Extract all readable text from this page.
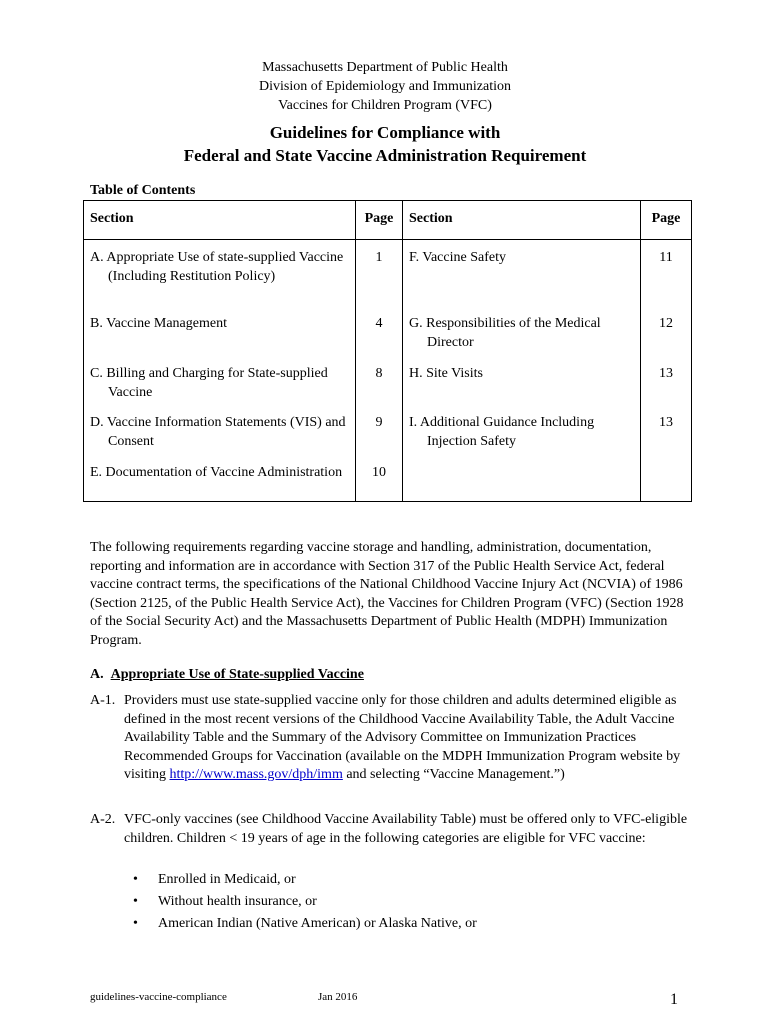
Massachusetts Department of Public Health
Division of Epidemiology and Immunization
Vaccines for Children Program (VFC)
Guidelines for Compliance with
Federal and State Vaccine Administration Requirement
Table of Contents
Section	Page	Section	Page

A. Appropriate Use of state-supplied Vaccine (Including Restitution Policy)	1	F. Vaccine Safety	11

B. Vaccine Management	4	G. Responsibilities of the Medical Director	12

C. Billing and Charging for State-supplied Vaccine	8	H. Site Visits	13

D. Vaccine Information Statements (VIS) and Consent	9	I. Additional Guidance Including Injection Safety	13

E. Documentation of Vaccine Administration	10	

The following requirements regarding vaccine storage and handling, administration, documentation, reporting and information are in accordance with Section 317 of the Public Health Service Act, federal vaccine contract terms, the specifications of the National Childhood Vaccine Injury Act (NCVIA) of 1986 (Section 2125, of the Public Health Service Act), the Vaccines for Children Program (VFC) (Section 1928 of the Social Security Act) and the Massachusetts Department of Public Health (MDPH) Immunization Program.
A. Appropriate Use of State-supplied Vaccine
A-1. Providers must use state-supplied vaccine only for those children and adults determined eligible as defined in the most recent versions of the Childhood Vaccine Availability Table, the Adult Vaccine Availability Table and the Summary of the Advisory Committee on Immunization Practices Recommended Groups for Vaccination (available on the MDPH Immunization Program website by visiting http://www.mass.gov/dph/imm and selecting “Vaccine Management.”)
A-2. VFC-only vaccines (see Childhood Vaccine Availability Table) must be offered only to VFC-eligible children. Children < 19 years of age in the following categories are eligible for VFC vaccine:
• Enrolled in Medicaid, or
• Without health insurance, or
• American Indian (Native American) or Alaska Native, or
guidelines-vaccine-compliance	Jan 2016	1
